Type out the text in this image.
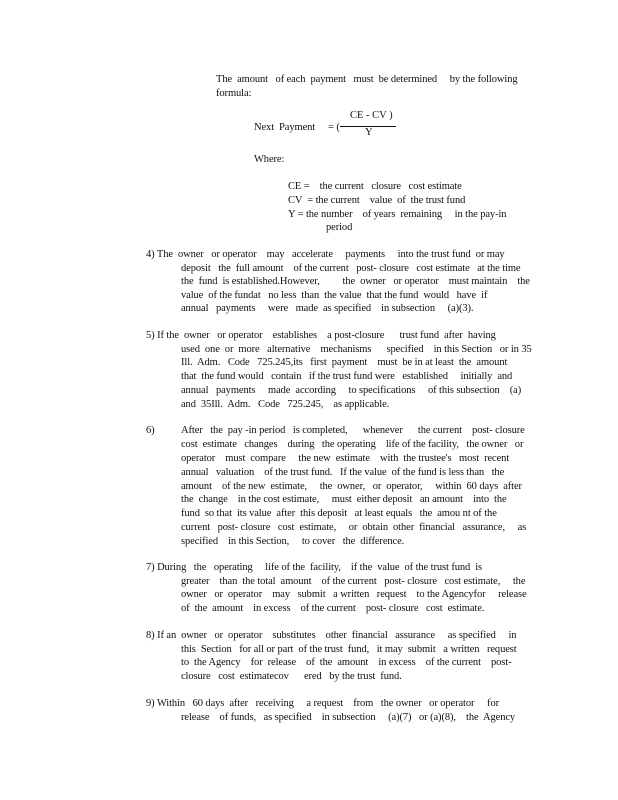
The  amount   of each  payment   must  be determined     by the following
formula:
Next  Payment = (
CE - CV )
Y
Where:
CE =    the current   closure   cost estimate
CV  = the current    value  of  the trust fund
Y = the number    of years  remaining     in the pay-in
period
4) The  owner   or operator    may   accelerate     payments     into the trust fund  or may
deposit   the  full amount    of the current   post- closure   cost estimate   at the time
the  fund  is established.However,         the  owner   or operator    must maintain    the
value  of the fundat   no less  than  the value  that the fund  would   have  if
annual   payments     were   made  as specified    in subsection     (a)(3).
5) If the  owner   or operator    establishes    a post-closure      trust fund  after  having
used  one  or  more   alternative    mechanisms      specified    in this Section   or in 35
Ill.  Adm.   Code   725.245,its   first  payment    must  be in at least  the  amount
that  the fund would   contain   if the trust fund were   established     initially  and
annual   payments     made  according     to specifications     of this subsection    (a)
and  35Ill.  Adm.   Code   725.245,    as applicable.
6)	After   the  pay -in period   is completed,      whenever      the current    post- closure
cost  estimate   changes    during   the operating    life of the facility,   the owner   or
operator    must  compare     the new  estimate    with  the trustee's   most  recent
annual   valuation    of the trust fund.   If the value  of the fund is less than   the
amount    of the new  estimate,     the  owner,   or  operator,     within  60 days  after
the  change    in the cost estimate,     must  either deposit   an amount    into  the
fund  so that  its value  after  this deposit   at least equals   the  amou nt of the
current   post- closure   cost  estimate,     or  obtain  other  financial   assurance,     as
specified    in this Section,     to cover   the  difference.
7) During   the   operating     life of the  facility,    if the  value  of the trust fund  is
greater    than  the total  amount    of the current   post- closure   cost estimate,     the
owner   or  operator    may   submit   a written   request    to the Agencyfor     release
of  the  amount    in excess    of the current    post- closure   cost  estimate.
8) If an  owner   or  operator    substitutes    other  financial   assurance     as specified     in
this  Section   for all or part  of the trust  fund,   it may  submit   a written   request
to  the Agency    for  release    of  the  amount    in excess    of the current    post-
closure   cost  estimatecov      ered   by the trust  fund.
9) Within   60 days  after   receiving     a request    from   the owner   or operator     for
release    of funds,   as specified    in subsection     (a)(7)   or (a)(8),    the  Agency
